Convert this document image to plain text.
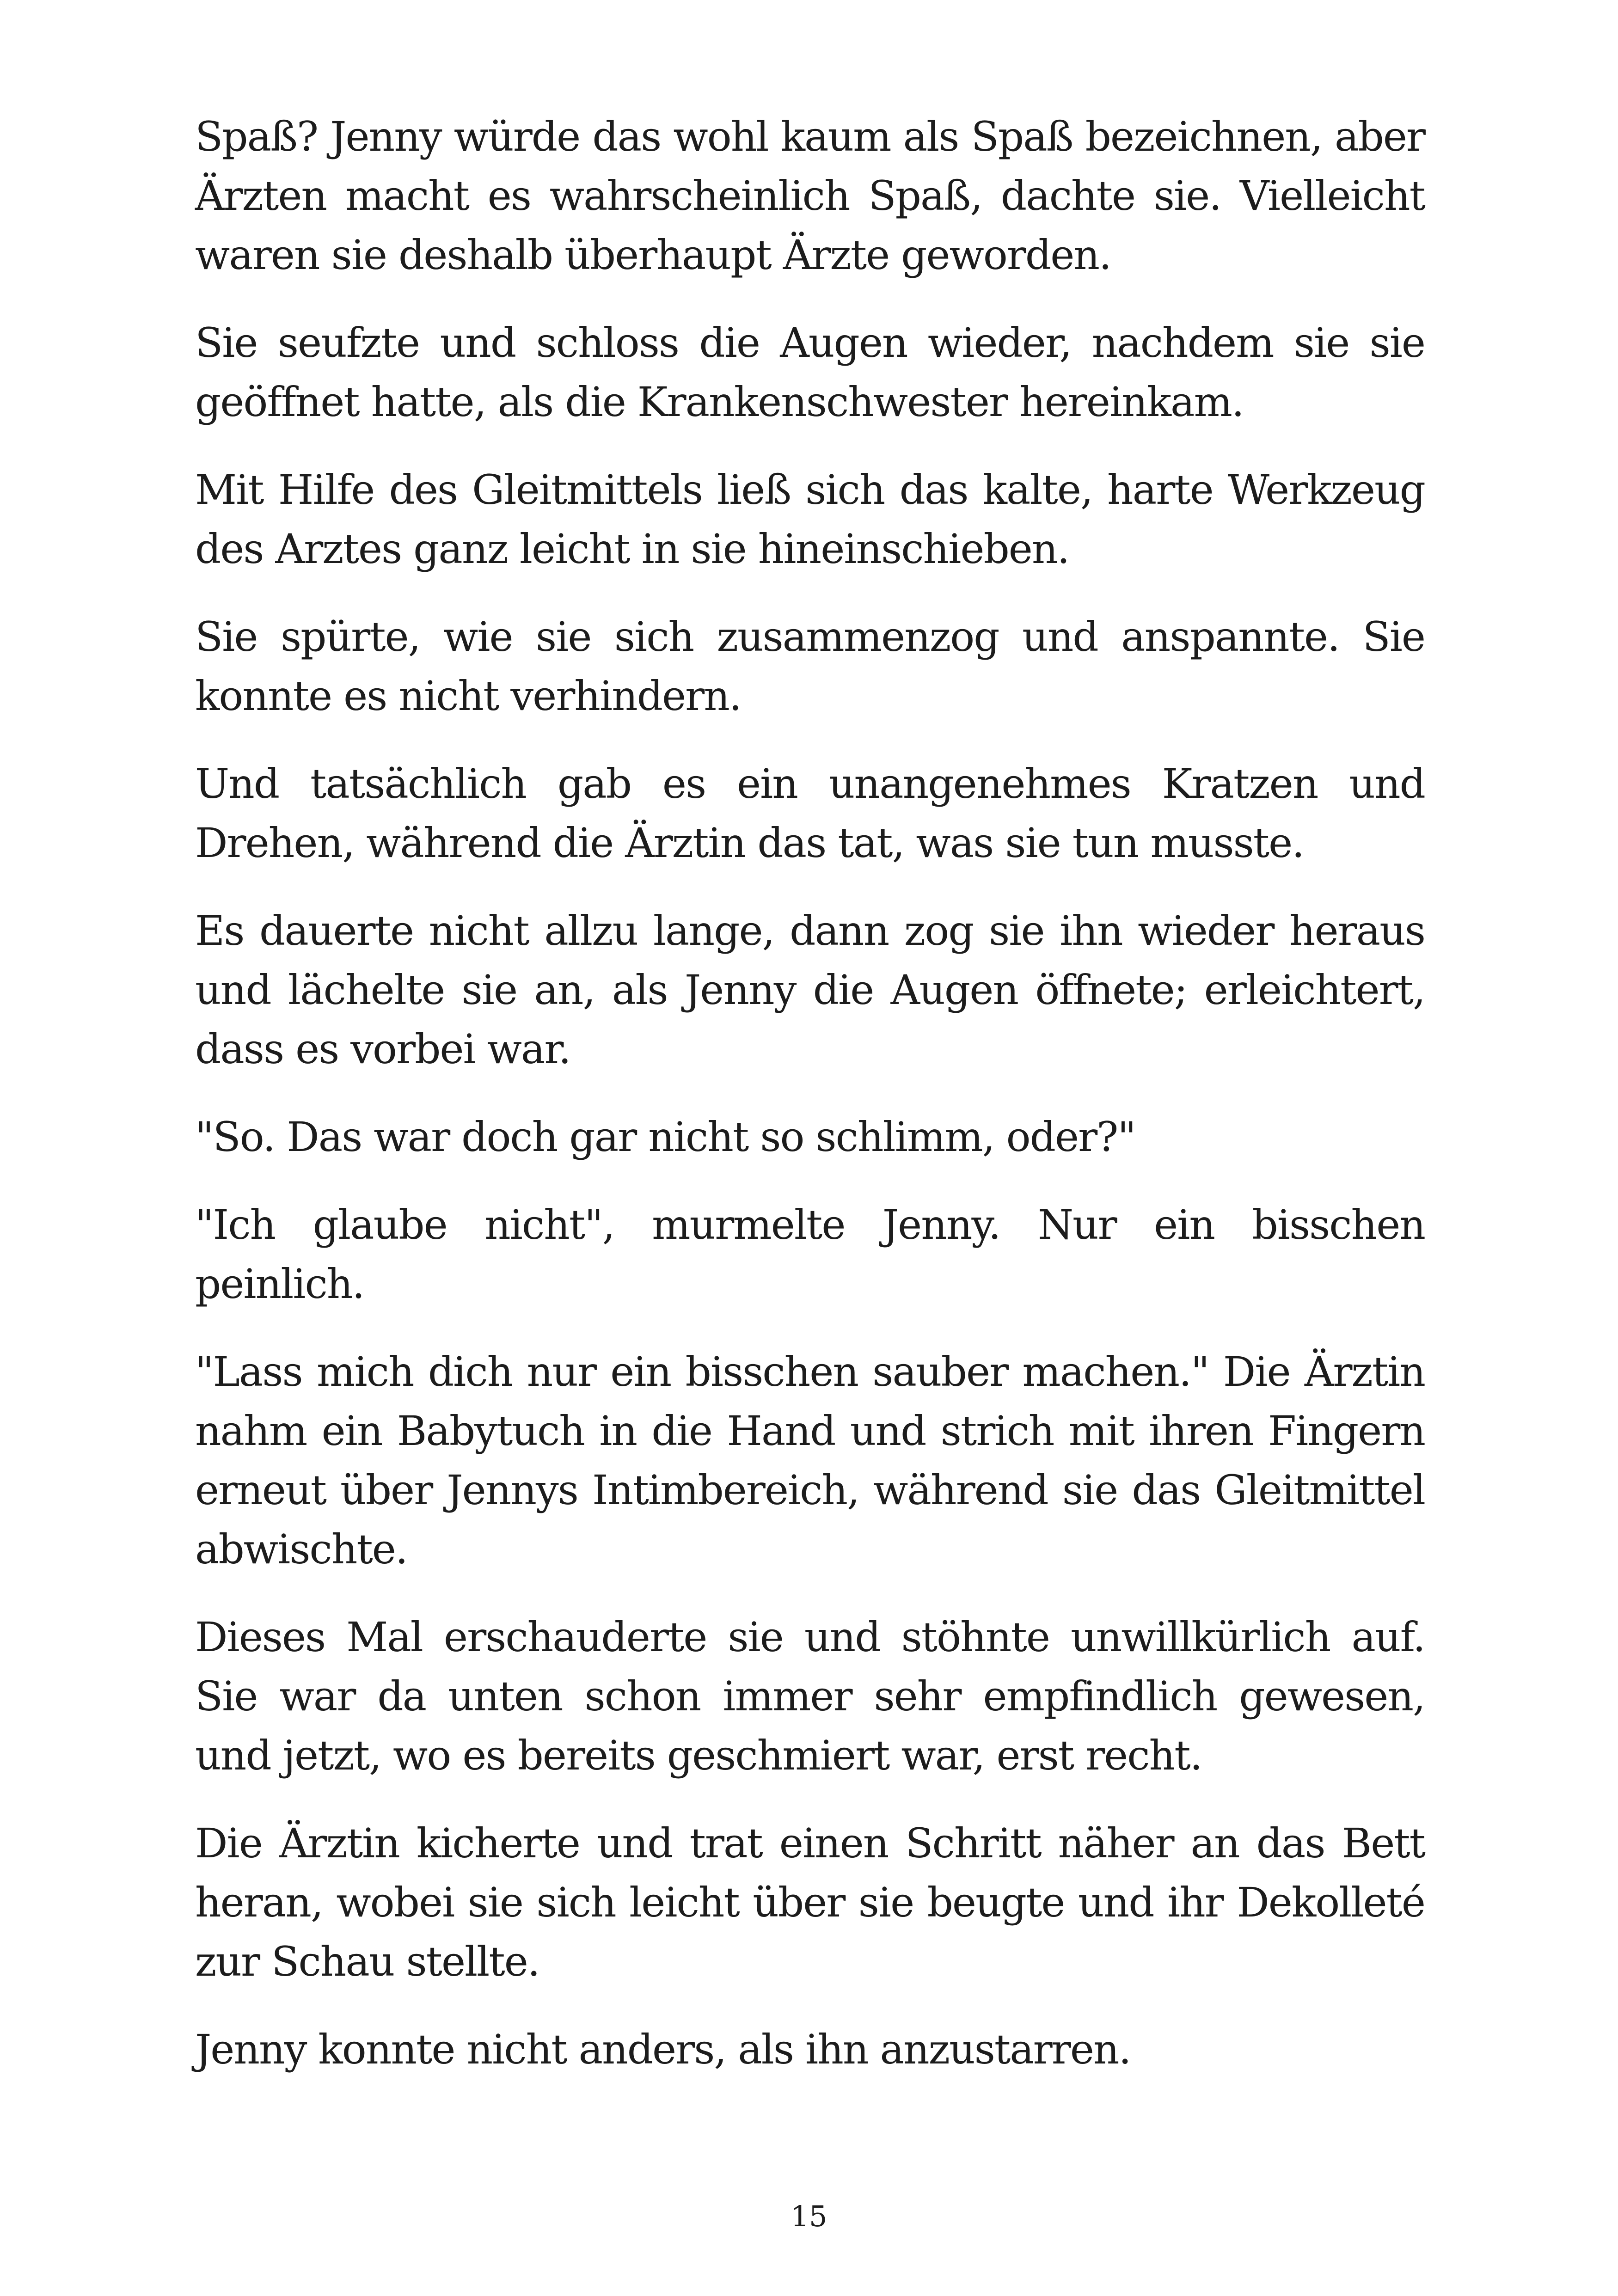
Spaß? Jenny würde das wohl kaum als Spaß bezeichnen, aber Ärzten macht es wahrscheinlich Spaß, dachte sie. Vielleicht waren sie deshalb überhaupt Ärzte geworden.

Sie seufzte und schloss die Augen wieder, nachdem sie sie geöffnet hatte, als die Krankenschwester hereinkam.

Mit Hilfe des Gleitmittels ließ sich das kalte, harte Werkzeug des Arztes ganz leicht in sie hineinschieben.

Sie spürte, wie sie sich zusammenzog und anspannte. Sie konnte es nicht verhindern.

Und tatsächlich gab es ein unangenehmes Kratzen und Drehen, während die Ärztin das tat, was sie tun musste.

Es dauerte nicht allzu lange, dann zog sie ihn wieder heraus und lächelte sie an, als Jenny die Augen öffnete; erleichtert, dass es vorbei war.

"So. Das war doch gar nicht so schlimm, oder?"

"Ich glaube nicht", murmelte Jenny. Nur ein bisschen peinlich.

"Lass mich dich nur ein bisschen sauber machen." Die Ärztin nahm ein Babytuch in die Hand und strich mit ihren Fingern erneut über Jennys Intimbereich, während sie das Gleitmittel abwischte.

Dieses Mal erschauderte sie und stöhnte unwillkürlich auf. Sie war da unten schon immer sehr empfindlich gewesen, und jetzt, wo es bereits geschmiert war, erst recht.

Die Ärztin kicherte und trat einen Schritt näher an das Bett heran, wobei sie sich leicht über sie beugte und ihr Dekolleté zur Schau stellte.

Jenny konnte nicht anders, als ihn anzustarren.

15
